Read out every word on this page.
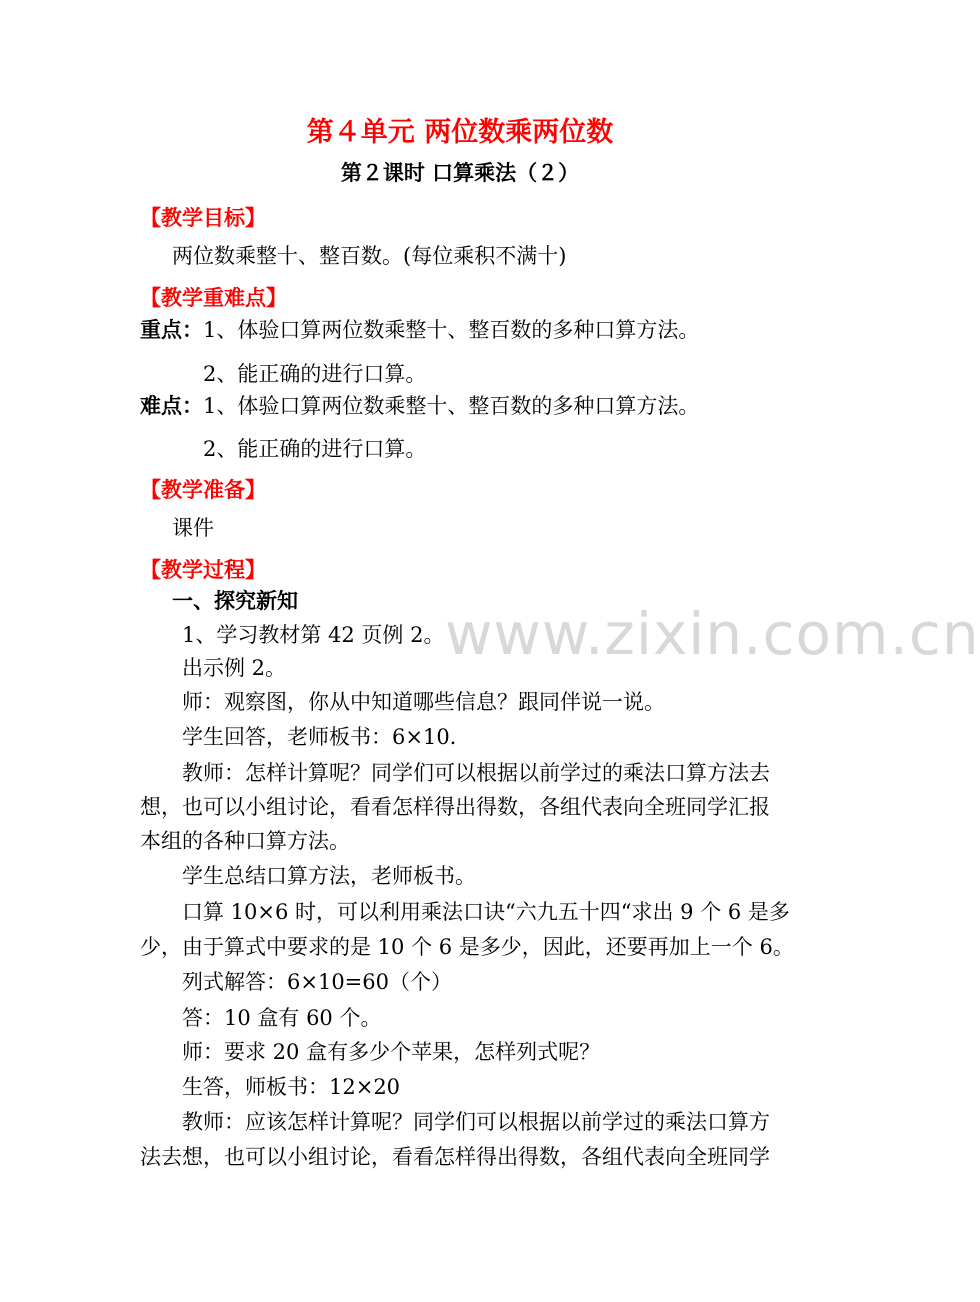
www.zixin.com.cn
第４单元 两位数乘两位数
第２课时 口算乘法（２）
【教学目标】
两位数乘整十、整百数。(每位乘积不满十)
【教学重难点】
重点：1、体验口算两位数乘整十、整百数的多种口算方法。
2、能正确的进行口算。
难点：1、体验口算两位数乘整十、整百数的多种口算方法。
2、能正确的进行口算。
【教学准备】
课件
【教学过程】
一、探究新知
1、学习教材第 42 页例 2。
出示例 2。
师：观察图，你从中知道哪些信息？跟同伴说一说。
学生回答，老师板书：6×10.
教师：怎样计算呢？同学们可以根据以前学过的乘法口算方法去
想，也可以小组讨论，看看怎样得出得数，各组代表向全班同学汇报
本组的各种口算方法。
学生总结口算方法，老师板书。
口算 10×6 时，可以利用乘法口诀“六九五十四“求出 9 个 6 是多
少，由于算式中要求的是 10 个 6 是多少，因此，还要再加上一个 6。
列式解答：6×10=60（个）
答：10 盒有 60 个。
师：要求 20 盒有多少个苹果，怎样列式呢？
生答，师板书：12×20
教师：应该怎样计算呢？同学们可以根据以前学过的乘法口算方
法去想，也可以小组讨论，看看怎样得出得数，各组代表向全班同学
